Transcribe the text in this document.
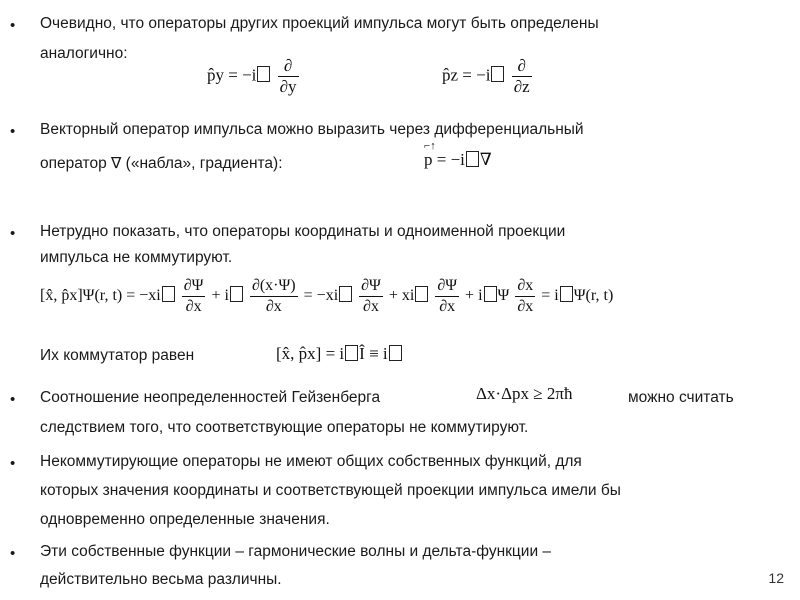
• Очевидно, что операторы других проекций импульса могут быть определены
аналогично:
p̂y = $-i \frac{\partial}{\partial y}$	p̂z = $-i \frac{\partial}{\partial z}$
• Векторный оператор импульса можно выразить через дифференциальный
оператор ∇ («набла», градиента):
⌐↑
p = −i ∇
• Нетрудно показать, что операторы координаты и одноименной проекции
импульса не коммутируют.
[x̂, p̂x]Ψ(r, $t) = -xi \frac{\partial\Psi}{\partial x} + i \frac{\partial(x\cdot\Psi)}{\partial x} = -xi \frac{\partial\Psi}{\partial x}$ + xi $\frac{\partial\Psi}{\partial x} + i$ Ψ $\frac{\partial x}{\partial x} = i$ Ψ(r, t)
Их коммутатор равен	[x̂, p̂x] = i Î ≡ i
• Соотношение неопределенностей Гейзенберга	Δx·Δpx ≥ 2πħ	можно считать
следствием того, что соответствующие операторы не коммутируют.
• Некоммутирующие операторы не имеют общих собственных функций, для
которых значения координаты и соответствующей проекции импульса имели бы
одновременно определенные значения.
• Эти собственные функции – гармонические волны и дельта-функции –
действительно весьма различны.	12
